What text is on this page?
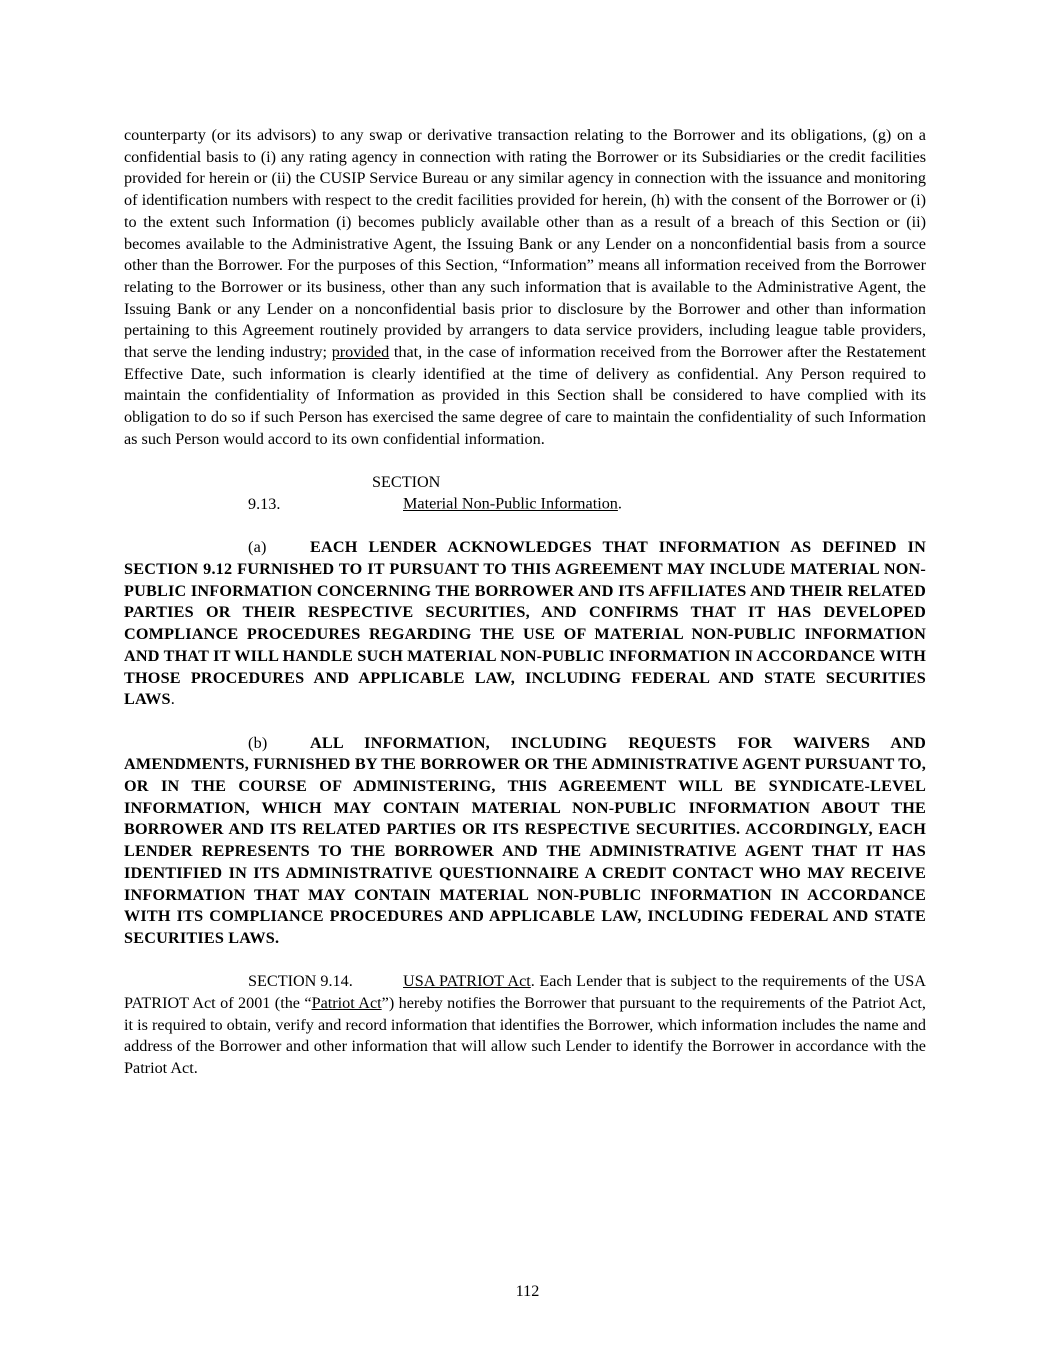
counterparty (or its advisors) to any swap or derivative transaction relating to the Borrower and its obligations, (g) on a confidential basis to (i) any rating agency in connection with rating the Borrower or its Subsidiaries or the credit facilities provided for herein or (ii) the CUSIP Service Bureau or any similar agency in connection with the issuance and monitoring of identification numbers with respect to the credit facilities provided for herein, (h) with the consent of the Borrower or (i) to the extent such Information (i) becomes publicly available other than as a result of a breach of this Section or (ii) becomes available to the Administrative Agent, the Issuing Bank or any Lender on a nonconfidential basis from a source other than the Borrower. For the purposes of this Section, “Information” means all information received from the Borrower relating to the Borrower or its business, other than any such information that is available to the Administrative Agent, the Issuing Bank or any Lender on a nonconfidential basis prior to disclosure by the Borrower and other than information pertaining to this Agreement routinely provided by arrangers to data service providers, including league table providers, that serve the lending industry; provided that, in the case of information received from the Borrower after the Restatement Effective Date, such information is clearly identified at the time of delivery as confidential. Any Person required to maintain the confidentiality of Information as provided in this Section shall be considered to have complied with its obligation to do so if such Person has exercised the same degree of care to maintain the confidentiality of such Information as such Person would accord to its own confidential information.

SECTION 9.13.	Material Non-Public Information.

(a)	EACH LENDER ACKNOWLEDGES THAT INFORMATION AS DEFINED IN SECTION 9.12 FURNISHED TO IT PURSUANT TO THIS AGREEMENT MAY INCLUDE MATERIAL NON-PUBLIC INFORMATION CONCERNING THE BORROWER AND ITS AFFILIATES AND THEIR RELATED PARTIES OR THEIR RESPECTIVE SECURITIES, AND CONFIRMS THAT IT HAS DEVELOPED COMPLIANCE PROCEDURES REGARDING THE USE OF MATERIAL NON-PUBLIC INFORMATION AND THAT IT WILL HANDLE SUCH MATERIAL NON-PUBLIC INFORMATION IN ACCORDANCE WITH THOSE PROCEDURES AND APPLICABLE LAW, INCLUDING FEDERAL AND STATE SECURITIES LAWS.

(b)	ALL INFORMATION, INCLUDING REQUESTS FOR WAIVERS AND AMENDMENTS, FURNISHED BY THE BORROWER OR THE ADMINISTRATIVE AGENT PURSUANT TO, OR IN THE COURSE OF ADMINISTERING, THIS AGREEMENT WILL BE SYNDICATE-LEVEL INFORMATION, WHICH MAY CONTAIN MATERIAL NON-PUBLIC INFORMATION ABOUT THE BORROWER AND ITS RELATED PARTIES OR ITS RESPECTIVE SECURITIES. ACCORDINGLY, EACH LENDER REPRESENTS TO THE BORROWER AND THE ADMINISTRATIVE AGENT THAT IT HAS IDENTIFIED IN ITS ADMINISTRATIVE QUESTIONNAIRE A CREDIT CONTACT WHO MAY RECEIVE INFORMATION THAT MAY CONTAIN MATERIAL NON-PUBLIC INFORMATION IN ACCORDANCE WITH ITS COMPLIANCE PROCEDURES AND APPLICABLE LAW, INCLUDING FEDERAL AND STATE SECURITIES LAWS.

SECTION 9.14.	USA PATRIOT Act. Each Lender that is subject to the requirements of the USA PATRIOT Act of 2001 (the “Patriot Act”) hereby notifies the Borrower that pursuant to the requirements of the Patriot Act, it is required to obtain, verify and record information that identifies the Borrower, which information includes the name and address of the Borrower and other information that will allow such Lender to identify the Borrower in accordance with the Patriot Act.

112
